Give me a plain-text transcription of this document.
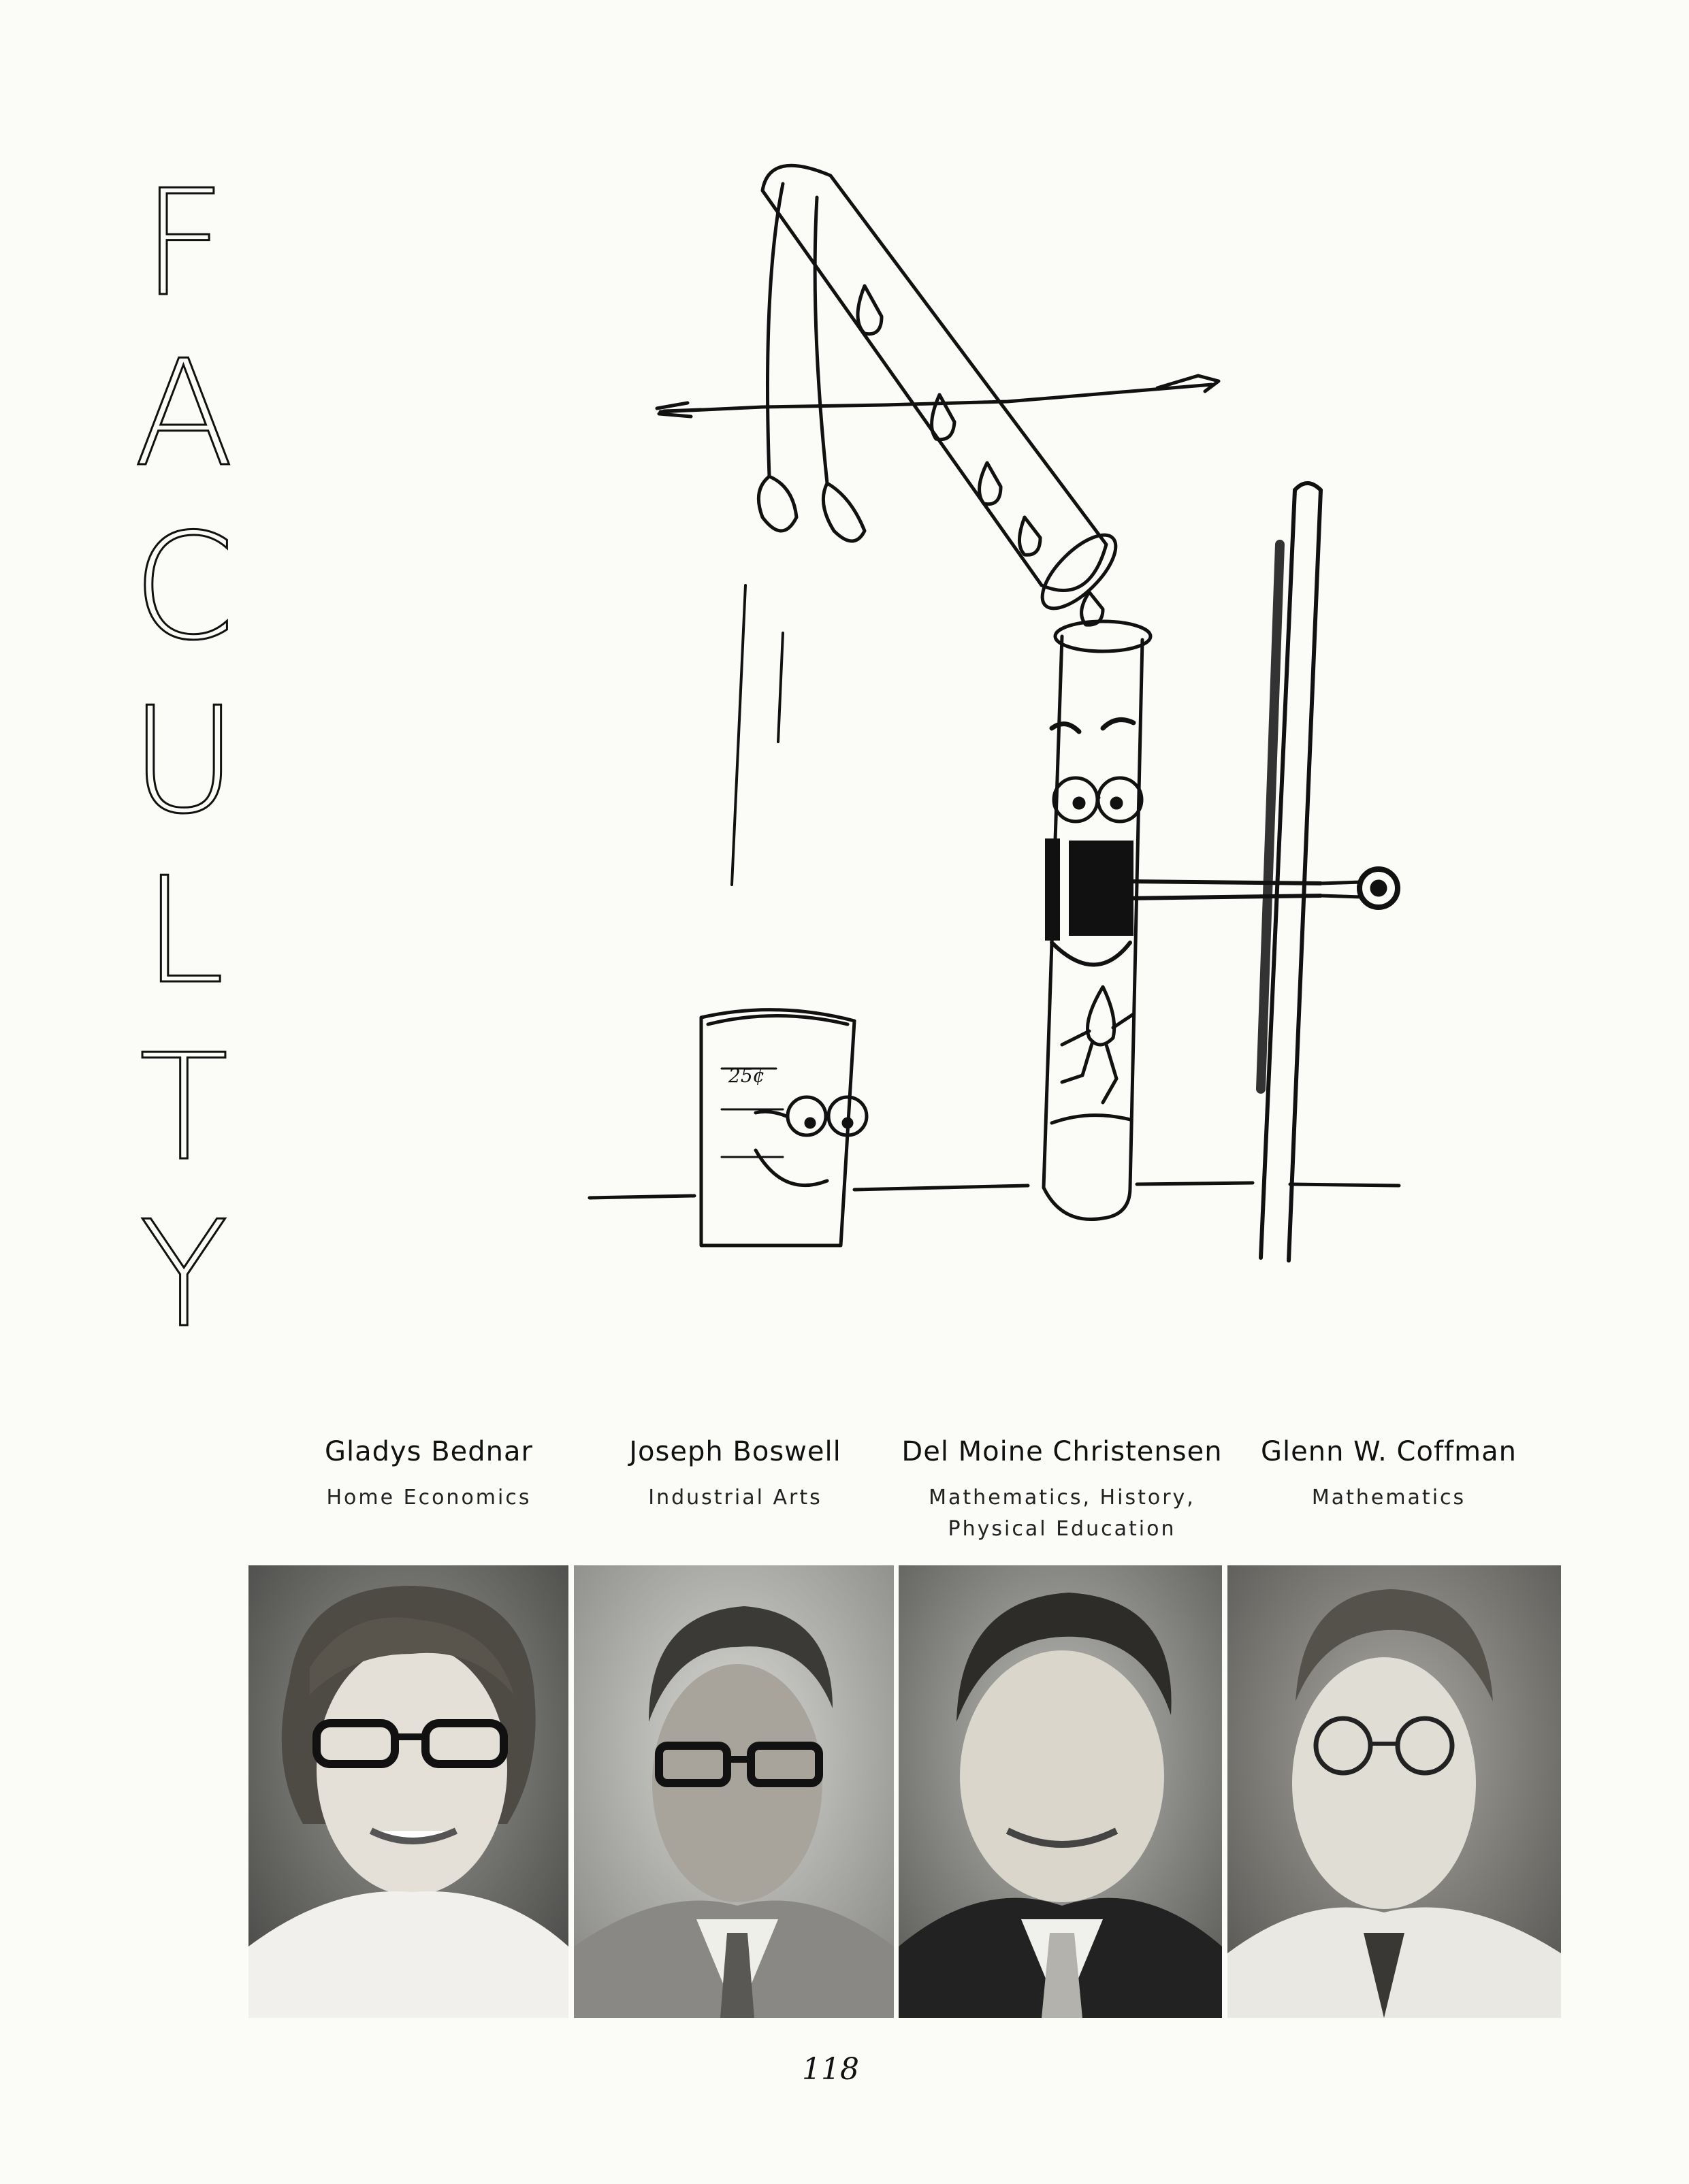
F
A
C
U
L
T
Y
25¢
Gladys Bednar
Home Economics
Joseph Boswell
Industrial Arts
Del Moine Christensen
Mathematics, History,
Physical Education
Glenn W. Coffman
Mathematics
118
